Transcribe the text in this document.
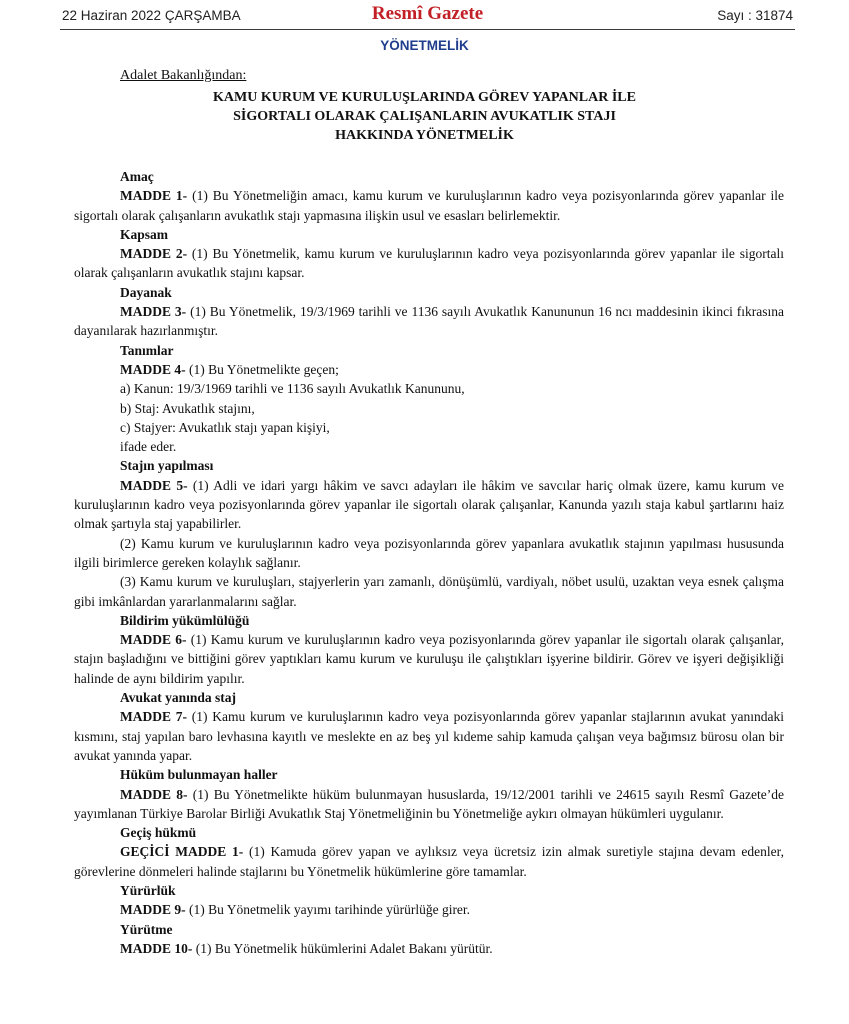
22 Haziran 2022 ÇARŞAMBA	Resmî Gazete	Sayı : 31874
YÖNETMELİK
Adalet Bakanlığından:
KAMU KURUM VE KURULUŞLARINDA GÖREV YAPANLAR İLE
SİGORTALI OLARAK ÇALIŞANLARIN AVUKATLIK STAJI
HAKKINDA YÖNETMELİK
Amaç
MADDE 1- (1) Bu Yönetmeliğin amacı, kamu kurum ve kuruluşlarının kadro veya pozisyonlarında görev yapanlar ile sigortalı olarak çalışanların avukatlık stajı yapmasına ilişkin usul ve esasları belirlemektir.
Kapsam
MADDE 2- (1) Bu Yönetmelik, kamu kurum ve kuruluşlarının kadro veya pozisyonlarında görev yapanlar ile sigortalı olarak çalışanların avukatlık stajını kapsar.
Dayanak
MADDE 3- (1) Bu Yönetmelik, 19/3/1969 tarihli ve 1136 sayılı Avukatlık Kanununun 16 ncı maddesinin ikinci fıkrasına dayanılarak hazırlanmıştır.
Tanımlar
MADDE 4- (1) Bu Yönetmelikte geçen;
a) Kanun: 19/3/1969 tarihli ve 1136 sayılı Avukatlık Kanununu,
b) Staj: Avukatlık stajını,
c) Stajyer: Avukatlık stajı yapan kişiyi,
ifade eder.
Stajın yapılması
MADDE 5- (1) Adli ve idari yargı hâkim ve savcı adayları ile hâkim ve savcılar hariç olmak üzere, kamu kurum ve kuruluşlarının kadro veya pozisyonlarında görev yapanlar ile sigortalı olarak çalışanlar, Kanunda yazılı staja kabul şartlarını haiz olmak şartıyla staj yapabilirler.
(2) Kamu kurum ve kuruluşlarının kadro veya pozisyonlarında görev yapanlara avukatlık stajının yapılması hususunda ilgili birimlerce gereken kolaylık sağlanır.
(3) Kamu kurum ve kuruluşları, stajyerlerin yarı zamanlı, dönüşümlü, vardiyalı, nöbet usulü, uzaktan veya esnek çalışma gibi imkânlardan yararlanmalarını sağlar.
Bildirim yükümlülüğü
MADDE 6- (1) Kamu kurum ve kuruluşlarının kadro veya pozisyonlarında görev yapanlar ile sigortalı olarak çalışanlar, stajın başladığını ve bittiğini görev yaptıkları kamu kurum ve kuruluşu ile çalıştıkları işyerine bildirir. Görev ve işyeri değişikliği halinde de aynı bildirim yapılır.
Avukat yanında staj
MADDE 7- (1) Kamu kurum ve kuruluşlarının kadro veya pozisyonlarında görev yapanlar stajlarının avukat yanındaki kısmını, staj yapılan baro levhasına kayıtlı ve meslekte en az beş yıl kıdeme sahip kamuda çalışan veya bağımsız bürosu olan bir avukat yanında yapar.
Hüküm bulunmayan haller
MADDE 8- (1) Bu Yönetmelikte hüküm bulunmayan hususlarda, 19/12/2001 tarihli ve 24615 sayılı Resmî Gazete’de yayımlanan Türkiye Barolar Birliği Avukatlık Staj Yönetmeliğinin bu Yönetmeliğe aykırı olmayan hükümleri uygulanır.
Geçiş hükmü
GEÇİCİ MADDE 1- (1) Kamuda görev yapan ve aylıksız veya ücretsiz izin almak suretiyle stajına devam edenler, görevlerine dönmeleri halinde stajlarını bu Yönetmelik hükümlerine göre tamamlar.
Yürürlük
MADDE 9- (1) Bu Yönetmelik yayımı tarihinde yürürlüğe girer.
Yürütme
MADDE 10- (1) Bu Yönetmelik hükümlerini Adalet Bakanı yürütür.
